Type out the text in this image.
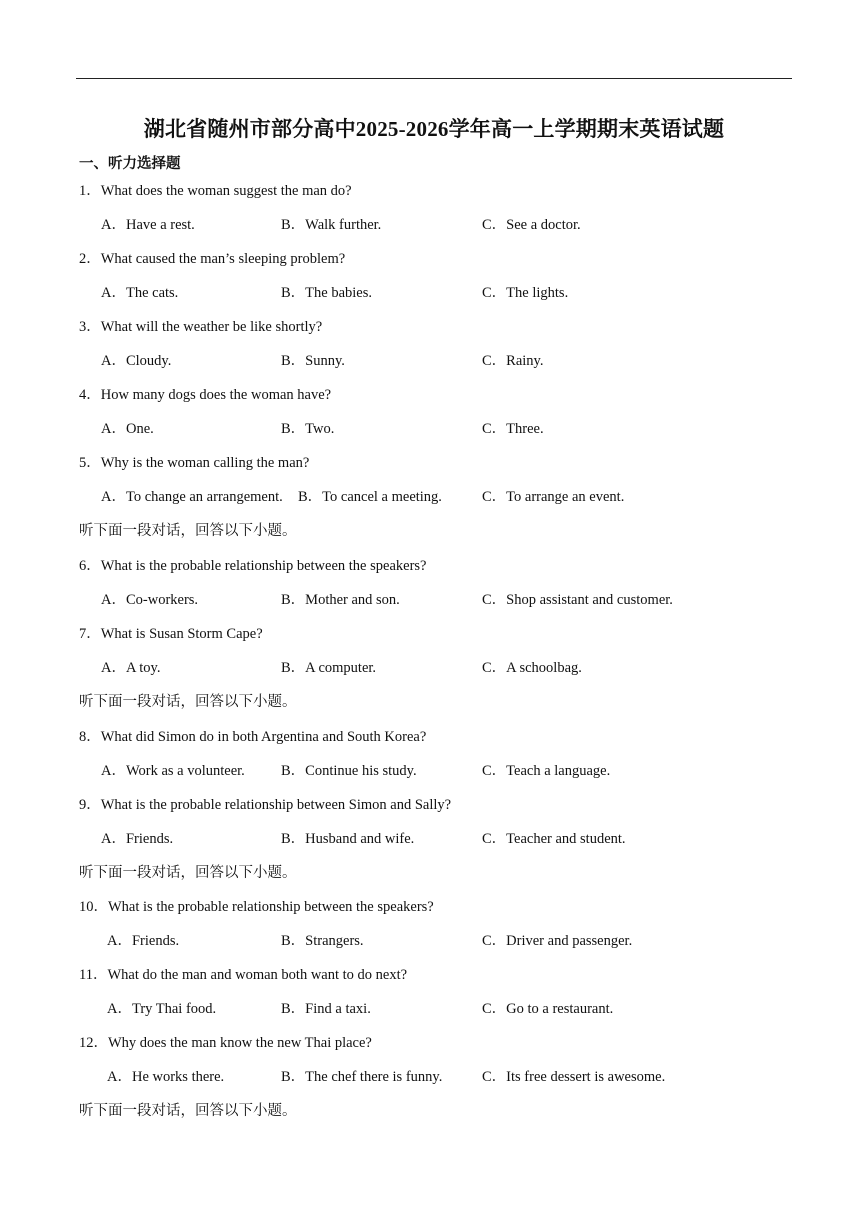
湖北省随州市部分高中2025-2026学年高一上学期期末英语试题
一、听力选择题
1．What does the woman suggest the man do?
A．Have a rest.	B．Walk further.	C．See a doctor.
2．What caused the man’s sleeping problem?
A．The cats.	B．The babies.	C．The lights.
3．What will the weather be like shortly?
A．Cloudy.	B．Sunny.	C．Rainy.
4．How many dogs does the woman have?
A．One.	B．Two.	C．Three.
5．Why is the woman calling the man?
A．To change an arrangement. B．To cancel a meeting.	C．To arrange an event.
听下面一段对话，回答以下小题。
6．What is the probable relationship between the speakers?
A．Co-workers.	B．Mother and son.	C．Shop assistant and customer.
7．What is Susan Storm Cape?
A．A toy.	B．A computer.	C．A schoolbag.
听下面一段对话，回答以下小题。
8．What did Simon do in both Argentina and South Korea?
A．Work as a volunteer. B．Continue his study.	C．Teach a language.
9．What is the probable relationship between Simon and Sally?
A．Friends.	B．Husband and wife.	C．Teacher and student.
听下面一段对话，回答以下小题。
10．What is the probable relationship between the speakers?
A．Friends.	B．Strangers.	C．Driver and passenger.
11．What do the man and woman both want to do next?
A．Try Thai food.	B．Find a taxi.	C．Go to a restaurant.
12．Why does the man know the new Thai place?
A．He works there.	B．The chef there is funny.	C．Its free dessert is awesome.
听下面一段对话，回答以下小题。
